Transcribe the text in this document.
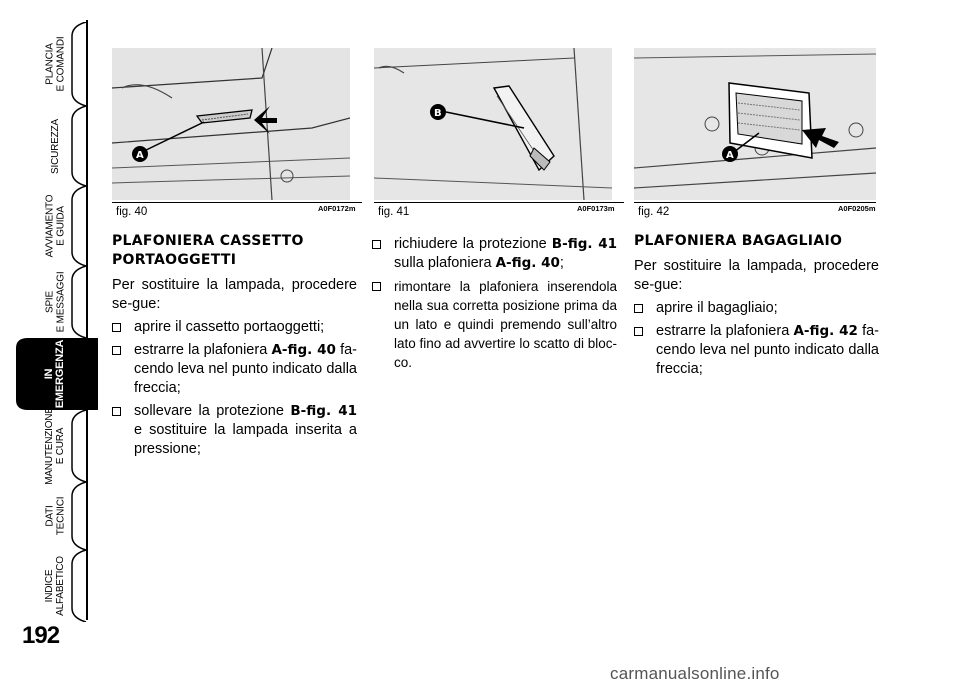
PLANCIA
E COMANDI
SICUREZZA
AVVIAMENTO
E GUIDA
SPIE
E MESSAGGI
IN
EMERGENZA
MANUTENZIONE
E CURA
DATI
TECNICI
INDICE
ALFABETICO
192
A
fig. 40	A0F0172m
B
fig. 41	A0F0173m
A
fig. 42	A0F0205m
PLAFONIERA CASSETTO PORTAOGGETTI

Per sostituire la lampada, procedere se-gue:

aprire il cassetto portaoggetti;
estrarre la plafoniera A-fig. 40 fa-cendo leva nel punto indicato dalla freccia;
sollevare la protezione B-fig. 41 e sostituire la lampada inserita a pressione;
richiudere la protezione B-fig. 41 sulla plafoniera A-fig. 40;
rimontare la plafoniera inserendola nella sua corretta posizione prima da un lato e quindi premendo sull’altro lato fino ad avvertire lo scatto di bloc-co.
PLAFONIERA BAGAGLIAIO

Per sostituire la lampada, procedere se-gue:

aprire il bagagliaio;
estrarre la plafoniera A-fig. 42 fa-cendo leva nel punto indicato dalla freccia;
carmanualsonline.info
